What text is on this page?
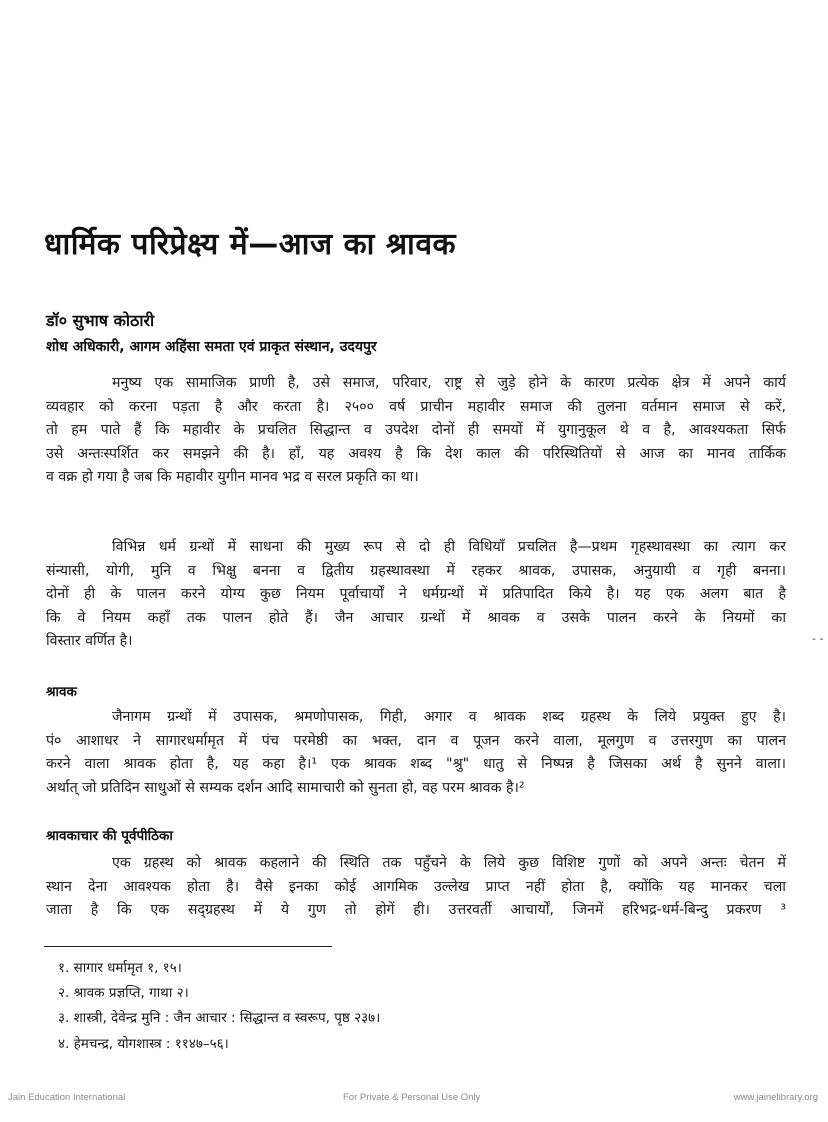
धार्मिक परिप्रेक्ष्य में—आज का श्रावक
डॉ० सुभाष कोठारी
शोध अधिकारी, आगम अहिंसा समता एवं प्राकृत संस्थान, उदयपुर
मनुष्य एक सामाजिक प्राणी है, उसे समाज, परिवार, राष्ट्र से जुड़े होने के कारण प्रत्येक क्षेत्र में अपने कार्य
व्यवहार को करना पड़ता है और करता है। २५०० वर्ष प्राचीन महावीर समाज की तुलना वर्तमान समाज से करें,
तो हम पाते हैं कि महावीर के प्रचलित सिद्धान्त व उपदेश दोनों ही समयों में युगानुकूल थे व है, आवश्यकता सिर्फ
उसे अन्तःस्पर्शित कर समझने की है। हाँ, यह अवश्य है कि देश काल की परिस्थितियों से आज का मानव तार्किक
व वक्र हो गया है जब कि महावीर युगीन मानव भद्र व सरल प्रकृति का था।
विभिन्न धर्म ग्रन्थों में साधना की मुख्य रूप से दो ही विधियाँ प्रचलित है—प्रथम गृहस्थावस्था का त्याग कर
संन्यासी, योगी, मुनि व भिक्षु बनना व द्वितीय ग्रहस्थावस्था में रहकर श्रावक, उपासक, अनुयायी व गृही बनना।
दोनों ही के पालन करने योग्य कुछ नियम पूर्वाचार्यों ने धर्मग्रन्थों में प्रतिपादित किये है। यह एक अलग बात है
कि वे नियम कहाँ तक पालन होते हैं। जैन आचार ग्रन्थों में श्रावक व उसके पालन करने के नियमों का
विस्तार वर्णित है।	- -
श्रावक
जैनागम ग्रन्थों में उपासक, श्रमणोपासक, गिही, अगार व श्रावक शब्द ग्रहस्थ के लिये प्रयुक्त हुए है।
पं० आशाधर ने सागारधर्मामृत में पंच परमेष्ठी का भक्त, दान व पूजन करने वाला, मूलगुण व उत्तरगुण का पालन
करने वाला श्रावक होता है, यह कहा है।¹ एक श्रावक शब्द "श्रु" धातु से निष्पन्न है जिसका अर्थ है सुनने वाला।
अर्थात् जो प्रतिदिन साधुओं से सम्यक दर्शन आदि सामाचारी को सुनता हो, वह परम श्रावक है।²
श्रावकाचार की पूर्वपीठिका
एक ग्रहस्थ को श्रावक कहलाने की स्थिति तक पहुँचने के लिये कुछ विशिष्ट गुणों को अपने अन्तः चेतन में
स्थान देना आवश्यक होता है। वैसे इनका कोई आगमिक उल्लेख प्राप्त नहीं होता है, क्योंकि यह मानकर चला
जाता है कि एक सद्ग्रहस्थ में ये गुण तो होगें ही। उत्तरवर्ती आचार्यों, जिनमें हरिभद्र-धर्म-बिन्दु प्रकरण ³
१. सागार धर्मामृत १, १५।
२. श्रावक प्रज्ञप्ति, गाथा २।
३. शास्त्री, देवेन्द्र मुनि : जैन आचार : सिद्धान्त व स्वरूप, पृष्ठ २३७।
४. हेमचन्द्र, योगशास्त्र : ११४७–५६।
Jain Education International	For Private & Personal Use Only	www.jainelibrary.org
